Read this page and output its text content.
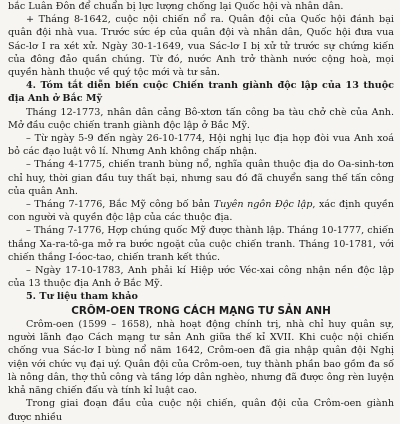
bắc Luân Đôn để chuẩn bị lực lượng chống lại Quốc hội và nhân dân.

+ Tháng 8-1642, cuộc nội chiến nổ ra. Quân đội của Quốc hội đánh bại quân đội nhà vua. Trước sức ép của quân đội và nhân dân, Quốc hội đưa vua Sác-lơ I ra xét xử. Ngày 30-1-1649, vua Sác-lơ I bị xử tử trước sự chứng kiến của đông đảo quần chúng. Từ đó, nước Anh trở thành nước cộng hoà, mọi quyền hành thuộc về quý tộc mới và tư sản.

4. Tóm tắt diễn biến cuộc Chiến tranh giành độc lập của 13 thuộc địa Anh ở Bắc Mỹ

Tháng 12-1773, nhân dân cảng Bô-xtơn tấn công ba tàu chở chè của Anh. Mở đầu cuộc chiến tranh giành độc lập ở Bắc Mỹ.

– Từ ngày 5-9 đến ngày 26-10-1774, Hội nghị lục địa họp đòi vua Anh xoá bỏ các đạo luật vô lí. Nhưng Anh không chấp nhận.

– Tháng 4-1775, chiến tranh bùng nổ, nghĩa quân thuộc địa do Oa-sinh-tơn chỉ huy, thời gian đầu tuy thất bại, nhưng sau đó đã chuyển sang thế tấn công của quân Anh.

– Tháng 7-1776, Bắc Mỹ công bố bản Tuyên ngôn Độc lập, xác định quyền con người và quyền độc lập của các thuộc địa.

– Tháng 7-1776, Hợp chúng quốc Mỹ được thành lập. Tháng 10-1777, chiến thắng Xa-ra-tô-ga mở ra bước ngoặt của cuộc chiến tranh. Tháng 10-1781, với chiến thắng I-óoc-tao, chiến tranh kết thúc.

– Ngày 17-10-1783, Anh phải kí Hiệp ước Véc-xai công nhận nền độc lập của 13 thuộc địa Anh ở Bắc Mỹ.

5. Tư liệu tham khảo

CRÔM-OEN TRONG CÁCH MẠNG TƯ SẢN ANH

Crôm-oen (1599 – 1658), nhà hoạt động chính trị, nhà chỉ huy quân sự, người lãnh đạo Cách mạng tư sản Anh giữa thế kỉ XVII. Khi cuộc nội chiến chống vua Sác-lơ I bùng nổ năm 1642, Crôm-oen đã gia nhập quân đội Nghị viện với chức vụ đại uý. Quân đội của Crôm-oen, tuy thành phần bao gồm đa số là nông dân, thợ thủ công và tầng lớp dân nghèo, nhưng đã được ông rèn luyện khả năng chiến đấu và tính kỉ luật cao.

Trong giai đoạn đầu của cuộc nội chiến, quân đội của Crôm-oen giành được nhiều
